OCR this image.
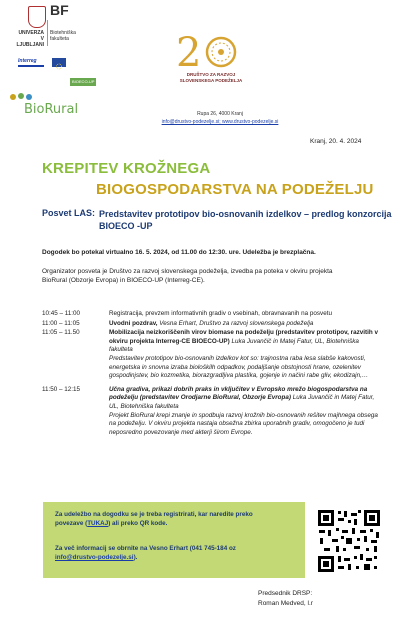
BF
UNIVERZA
V LJUBLJANI
Biotehniška
fakulteta
Interreg
BIOECO-UP
2
DRUŠTVO ZA RAZVOJ
SLOVENSKEGA PODEŽELJA
BioRural	Rupa 26, 4000 Kranj
info@drustvo-podezelje.si; www.drustvo-podezelje.si
Kranj, 20. 4. 2024
KREPITEV KROŽNEGA
BIOGOSPODARSTVA NA PODEŽELJU
Posvet LAS: Predstavitev prototipov bio-osnovanih izdelkov – predlog konzorcija
BIOECO -UP
Dogodek bo potekal virtualno 16. 5. 2024, od 11.00 do 12:30. ure. Udeležba je brezplačna.
Organizator posveta je Društvo za razvoj slovenskega podeželja, izvedba pa poteka v okviru projekta
BioRural (Obzorje Evropa) in BIOECO-UP (Interreg-CE).
10:45 – 11:00	Registracija, prevzem informativnih gradiv o vsebinah, obravnavanih na posvetu
11:00 – 11:05	Uvodni pozdrav, Vesna Erhart, Društvo za razvoj slovenskega podeželja
11:05 – 11.50	Mobilizacija neizkoriščenih virov biomase na podeželju (predstavitev prototipov, razvitih v okviru projekta Interreg-CE BIOECO-UP) Luka Juvančič in Matej Fatur, UL, Biotehniška fakulteta
Predstavitev prototipov bio-osnovanih izdelkov kot so: trajnostna raba lesa slabše kakovosti, energetska in snovna izraba biološkilh odpadkov, podaljšanje obstojnosti hrane, ozelenitev gospodinjstev, bio kozmetika, biorazgradljiva plastika, gojenje in načini rabe gliv, ekodizajn,…
11:50 – 12:15	Učna gradiva, prikazi dobrih praks in vključitev v Evropsko mrežo biogospodarstva na podeželju (predstavitev Orodjarne BioRural, Obzorje Evropa) Luka Juvančič in Matej Fatur, UL, Biotehniška fakulteta
Projekt BioRural krepi znanje in spodbuja razvoj krožnih bio-osnovanih rešitev majhnega obsega na podeželju. V okviru projekta nastaja obsežna zbirka uporabnih gradiv, omogočeno je tudi neposredno povezovanje med akterji širom Evrope.
Za udeležbo na dogodku se je treba registrirati, kar naredite preko
povezave (TUKAJ) ali preko QR kode.
Za več informacij se obrnite na Vesno Erhart (041 745-184 oz
info@drustvo-podezelje.si).
Predsednik DRSP:
Roman Medved, l.r
